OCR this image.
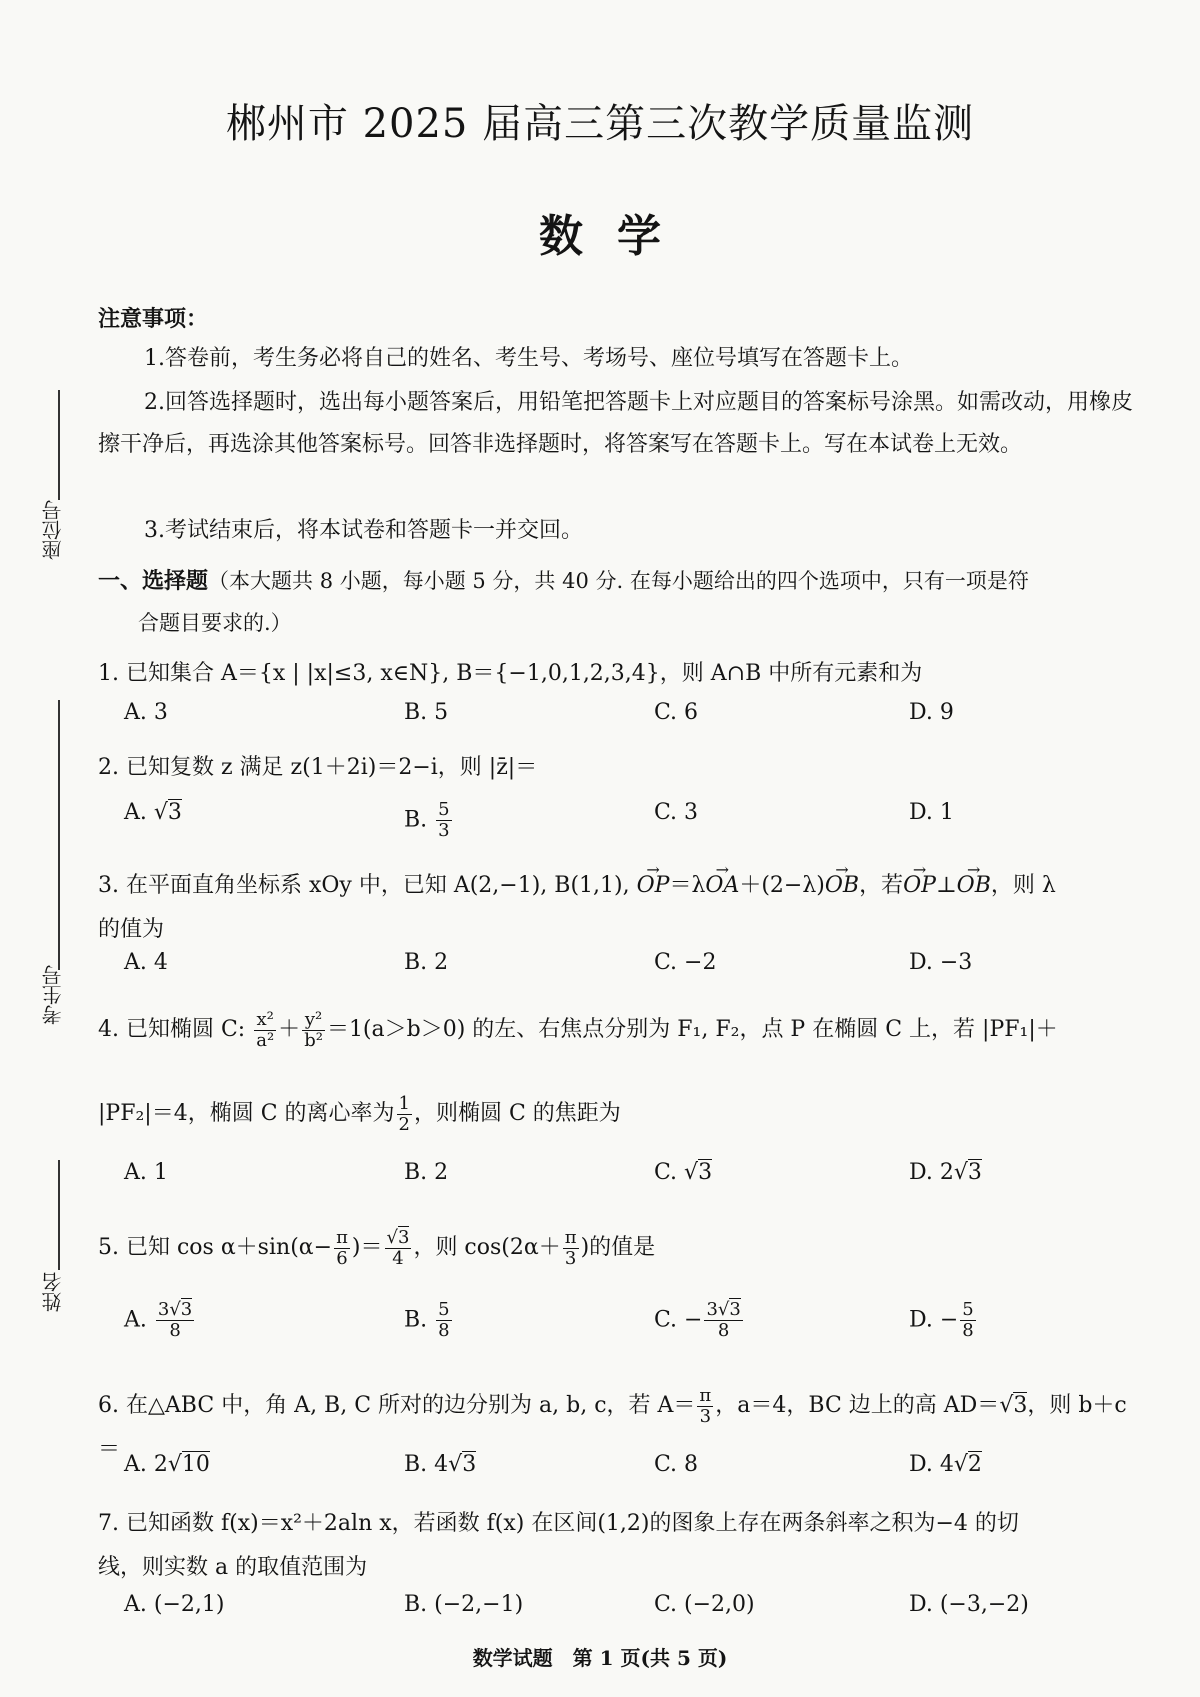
郴州市 2025 届高三第三次教学质量监测
数学
注意事项：
1.答卷前，考生务必将自己的姓名、考生号、考场号、座位号填写在答题卡上。
2.回答选择题时，选出每小题答案后，用铅笔把答题卡上对应题目的答案标号涂黑。如需改动，用橡皮擦干净后，再选涂其他答案标号。回答非选择题时，将答案写在答题卡上。写在本试卷上无效。
3.考试结束后，将本试卷和答题卡一并交回。
一、选择题（本大题共 8 小题，每小题 5 分，共 40 分. 在每小题给出的四个选项中，只有一项是符
合题目要求的.）
座位号
考生号
姓名
1. 已知集合 A＝{x | |x|≤3, x∈N}, B＝{−1,0,1,2,3,4}，则 A∩B 中所有元素和为
A. 3	B. 5	C. 6	D. 9
2. 已知复数 z 满足 z(1＋2i)＝2−i，则 |z̄|＝
A. √3	B. $\frac{5}{3}$	C. 3	D. 1
3. 在平面直角坐标系 xOy 中，已知 A(2,−1), B(1,1), → OP＝λ→ OA＋(2−λ)→ OB，若→ OP⊥→ OB，则 λ
的值为
A. 4	B. 2	C. −2	D. −3
4. 已知椭圆 C: $\frac{\text{x²}}{\text{a²}} + \frac{\text{y²}}{\text{b²}} =1(a>b>0)$ 的左、右焦点分别为 F₁, F₂，点 P 在椭圆 C 上，若 |PF₁|＋
|PF₂|＝4，椭圆 C 的离心率为 $\frac{1}{2}$ ，则椭圆 C 的焦距为
A. 1	B. 2	C. √3	D. 2√3
5. 已知 $\cos \alpha+\sin(\alpha- \frac{\pi}{6}$ )＝ $\frac{√3}{4}$ ，则 $\cos(2\alpha+ \frac{\pi}{3}$ )的值是
A. $\frac{3√3}{8}$	B. $\frac{5}{8}$	C. − $\frac{3√3}{8}$	D. − $\frac{5}{8}$
6. 在△ABC 中，角 A, B, C 所对的边分别为 a, b, c，若 $A= \frac{\pi}{3}$ ，a＝4，BC 边上的高 AD＝√3，则 b＋c＝
A. 2√10	B. 4√3	C. 8	D. 4√2
7. 已知函数 f(x)＝x²＋2aln x，若函数 f(x) 在区间(1,2)的图象上存在两条斜率之积为−4 的切
线，则实数 a 的取值范围为
A. (−2,1)	B. (−2,−1)	C. (−2,0)	D. (−3,−2)
数学试题　第 1 页(共 5 页)
